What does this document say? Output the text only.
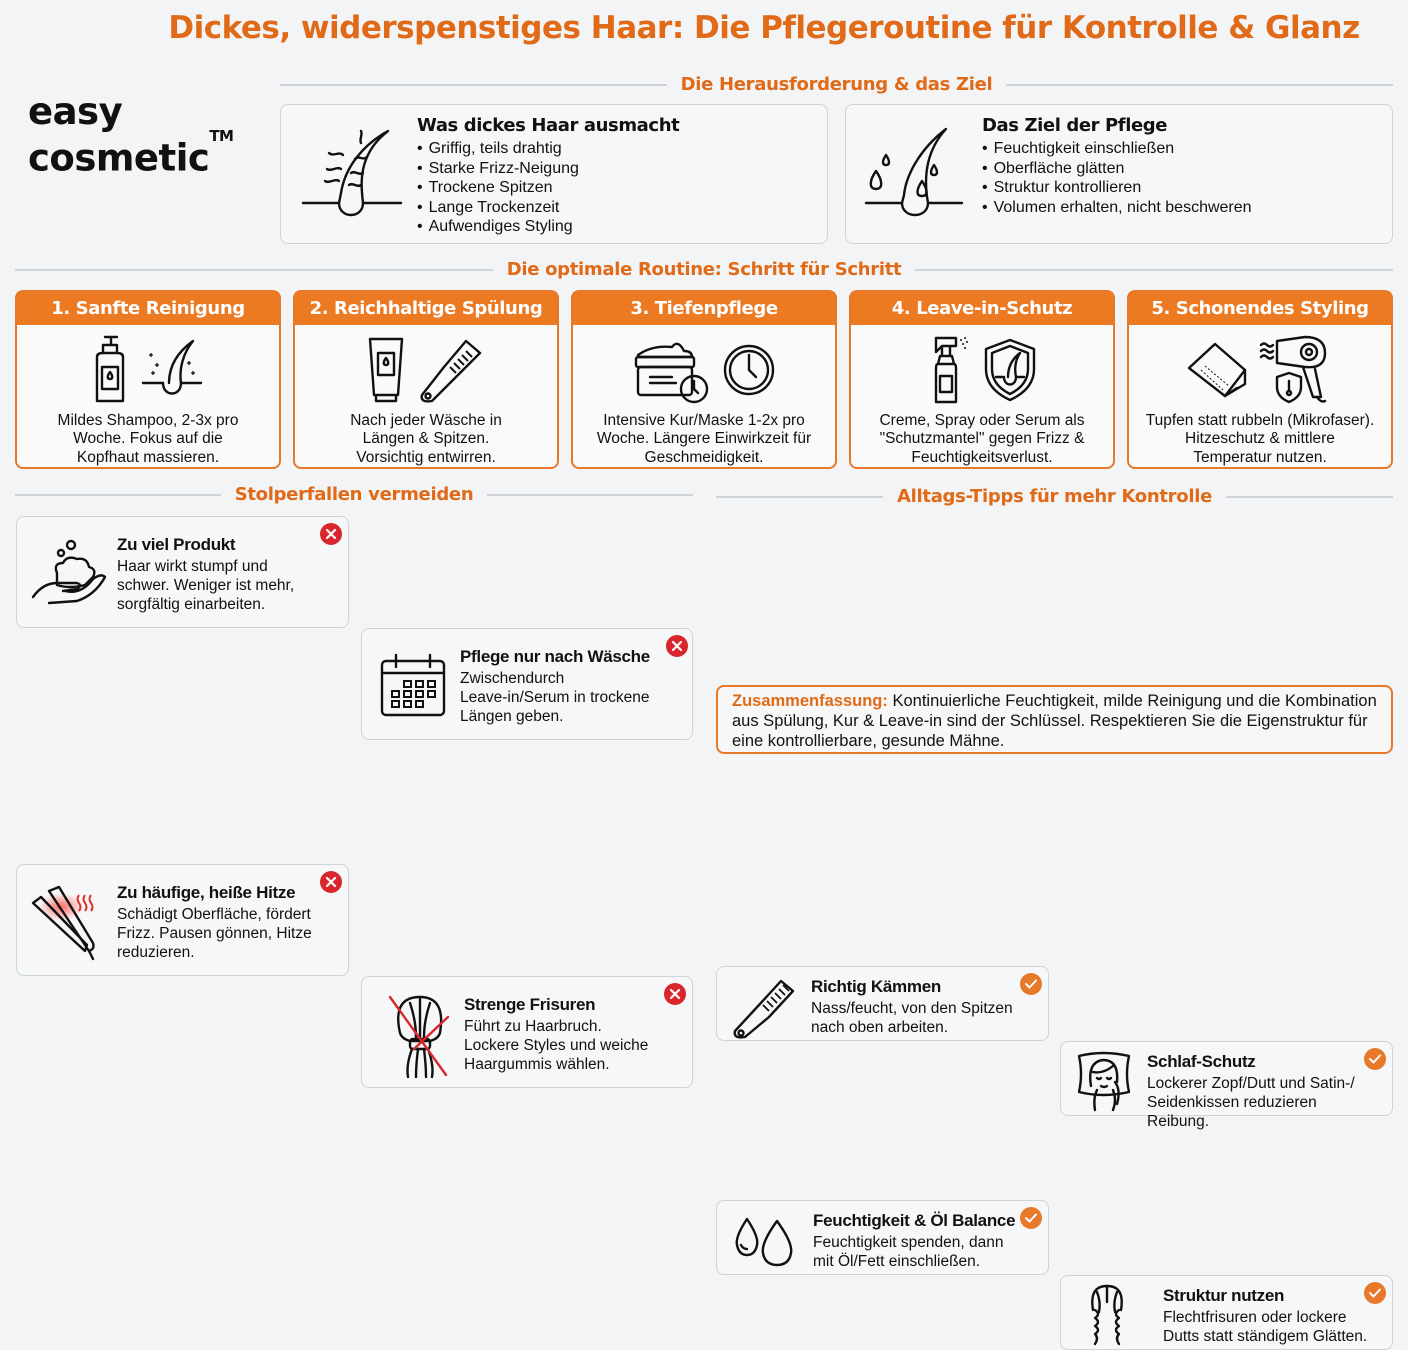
Dickes, widerspenstiges Haar: Die Pflegeroutine für Kontrolle & Glanz
easy
cosmetic™
Die Herausforderung & das Ziel
Was dickes Haar ausmacht
• Griffig, teils drahtig
• Starke Frizz-Neigung
• Trockene Spitzen
• Lange Trockenzeit
• Aufwendiges Styling
Das Ziel der Pflege
• Feuchtigkeit einschließen
• Oberfläche glätten
• Struktur kontrollieren
• Volumen erhalten, nicht beschweren
Die optimale Routine: Schritt für Schritt
1. Sanfte Reinigung
Mildes Shampoo, 2-3x pro
Woche. Fokus auf die
Kopfhaut massieren.
2. Reichhaltige Spülung
Nach jeder Wäsche in
Längen & Spitzen.
Vorsichtig entwirren.
3. Tiefenpflege
Intensive Kur/Maske 1-2x pro
Woche. Längere Einwirkzeit für
Geschmeidigkeit.
4. Leave-in-Schutz
Creme, Spray oder Serum als
"Schutzmantel" gegen Frizz &
Feuchtigkeitsverlust.
5. Schonendes Styling
Tupfen statt rubbeln (Mikrofaser).
Hitzeschutz & mittlere
Temperatur nutzen.
Stolperfallen vermeiden
Zu viel Produkt

Haar wirkt stumpf und

schwer. Weniger ist mehr,

sorgfältig einarbeiten.

Pflege nur nach Wäsche

Zwischendurch

Leave-in/Serum in trockene

Längen geben.

Zu häufige, heiße Hitze

Schädigt Oberfläche, fördert

Frizz. Pausen gönnen, Hitze

reduzieren.

Strenge Frisuren

Führt zu Haarbruch.

Lockere Styles und weiche

Haargummis wählen.

Alltags-Tipps für mehr Kontrolle
Richtig Kämmen

Nass/feucht, von den Spitzen

nach oben arbeiten.

Schlaf-Schutz

Lockerer Zopf/Dutt und Satin-/

Seidenkissen reduzieren Reibung.

Feuchtigkeit & Öl Balance

Feuchtigkeit spenden, dann

mit Öl/Fett einschließen.

Struktur nutzen

Flechtfrisuren oder lockere

Dutts statt ständigem Glätten.

Zusammenfassung: Kontinuierliche Feuchtigkeit, milde Reinigung und die Kombination aus Spülung, Kur & Leave-in sind der Schlüssel. Respektieren Sie die Eigenstruktur für eine kontrollierbare, gesunde Mähne.
